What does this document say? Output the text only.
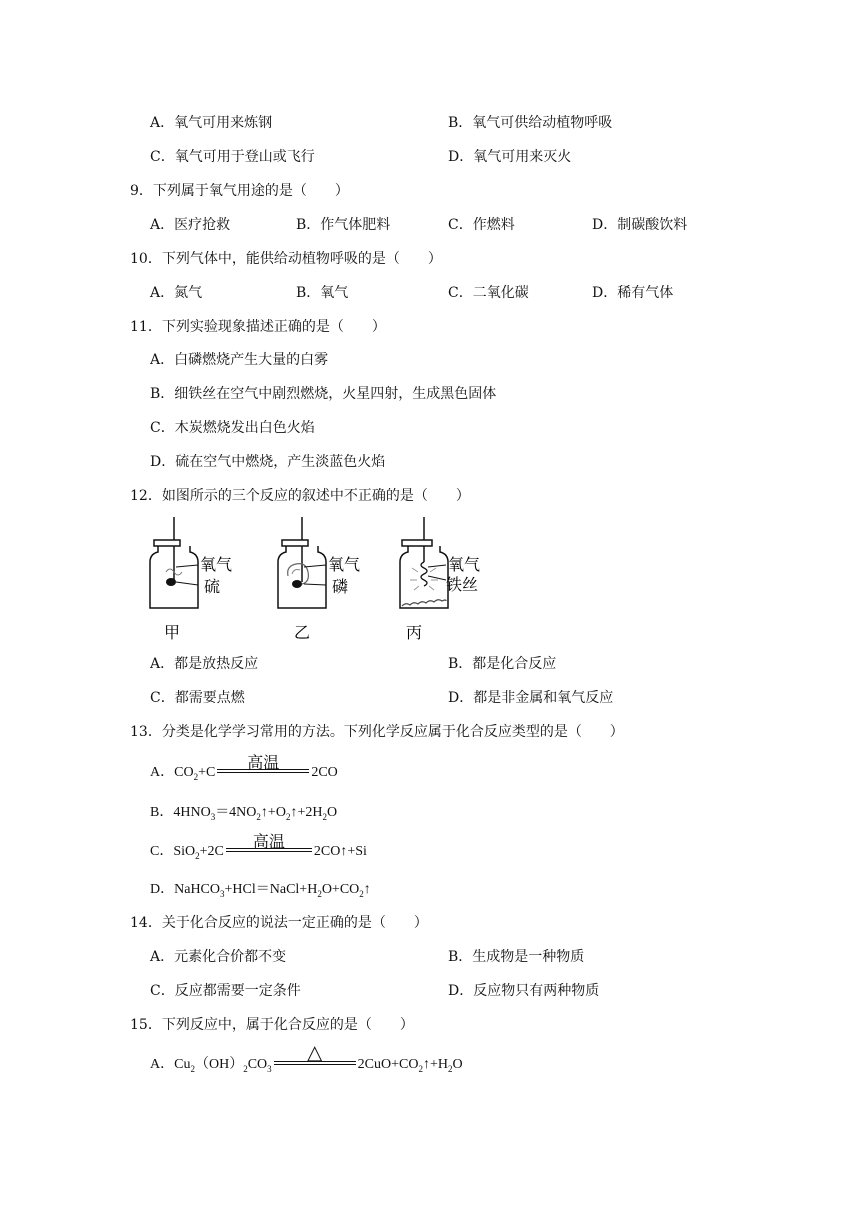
A．氧气可用来炼钢	B．氧气可供给动植物呼吸
C．氧气可用于登山或飞行	D．氧气可用来灭火
9．下列属于氧气用途的是（　　）
A．医疗抢救	B．作气体肥料	C．作燃料	D．制碳酸饮料
10．下列气体中，能供给动植物呼吸的是（　　）
A．氮气	B．氧气	C．二氧化碳	D．稀有气体
11．下列实验现象描述正确的是（　　）
A．白磷燃烧产生大量的白雾
B．细铁丝在空气中剧烈燃烧，火星四射，生成黑色固体
C．木炭燃烧发出白色火焰
D．硫在空气中燃烧，产生淡蓝色火焰
12．如图所示的三个反应的叙述中不正确的是（　　）
氧气
硫
甲
氧气
磷
乙
氧气
铁丝
丙
A．都是放热反应	B．都是化合反应
C．都需要点燃	D．都是非金属和氧气反应
13．分类是化学学习常用的方法。下列化学反应属于化合反应类型的是（　　）
A．$CO_2+C$
高温
2CO
B．$4HNO_3=4NO_2↑+O_2↑+2H_2O$
C．SiO$_2$+2C
高温
2CO↑+Si
D．$NaHCO_3+HCl=NaCl+H_2O+CO_2↑$
14．关于化合反应的说法一定正确的是（　　）
A．元素化合价都不变	B．生成物是一种物质
C．反应都需要一定条件	D．反应物只有两种物质
15．下列反应中，属于化合反应的是（　　）
A．$Cu_2(OH)_2CO_3$
△
$2CuO+CO_2↑+H_2O$
